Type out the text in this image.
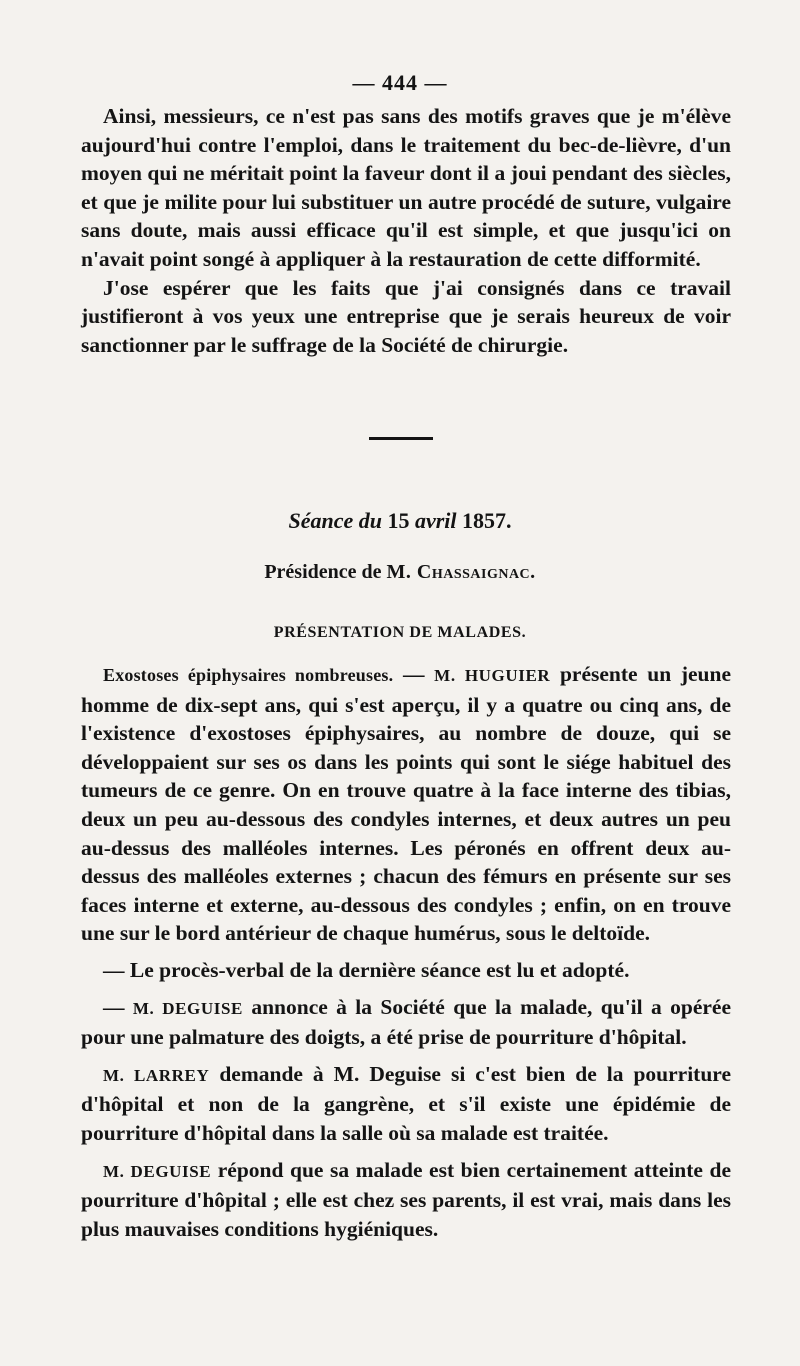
— 444 —

Ainsi, messieurs, ce n'est pas sans des motifs graves que je m'élève aujourd'hui contre l'emploi, dans le traitement du bec-de-lièvre, d'un moyen qui ne méritait point la faveur dont il a joui pendant des siècles, et que je milite pour lui substituer un autre procédé de suture, vulgaire sans doute, mais aussi efficace qu'il est simple, et que jusqu'ici on n'avait point songé à appliquer à la restauration de cette difformité.

J'ose espérer que les faits que j'ai consignés dans ce travail justifieront à vos yeux une entreprise que je serais heureux de voir sanctionner par le suffrage de la Société de chirurgie.

Séance du 15 avril 1857.
Présidence de M. Chassaignac.
PRÉSENTATION DE MALADES.

Exostoses épiphysaires nombreuses. — M. HUGUIER présente un jeune homme de dix-sept ans, qui s'est aperçu, il y a quatre ou cinq ans, de l'existence d'exostoses épiphysaires, au nombre de douze, qui se développaient sur ses os dans les points qui sont le siége habituel des tumeurs de ce genre. On en trouve quatre à la face interne des tibias, deux un peu au-dessous des condyles internes, et deux autres un peu au-dessus des malléoles internes. Les péronés en offrent deux au-dessus des malléoles externes ; chacun des fémurs en présente sur ses faces interne et externe, au-dessous des condyles ; enfin, on en trouve une sur le bord antérieur de chaque humérus, sous le deltoïde.

— Le procès-verbal de la dernière séance est lu et adopté.

— M. DEGUISE annonce à la Société que la malade, qu'il a opérée pour une palmature des doigts, a été prise de pourriture d'hôpital.

M. LARREY demande à M. Deguise si c'est bien de la pourriture d'hôpital et non de la gangrène, et s'il existe une épidémie de pourriture d'hôpital dans la salle où sa malade est traitée.

M. DEGUISE répond que sa malade est bien certainement atteinte de pourriture d'hôpital ; elle est chez ses parents, il est vrai, mais dans les plus mauvaises conditions hygiéniques.
